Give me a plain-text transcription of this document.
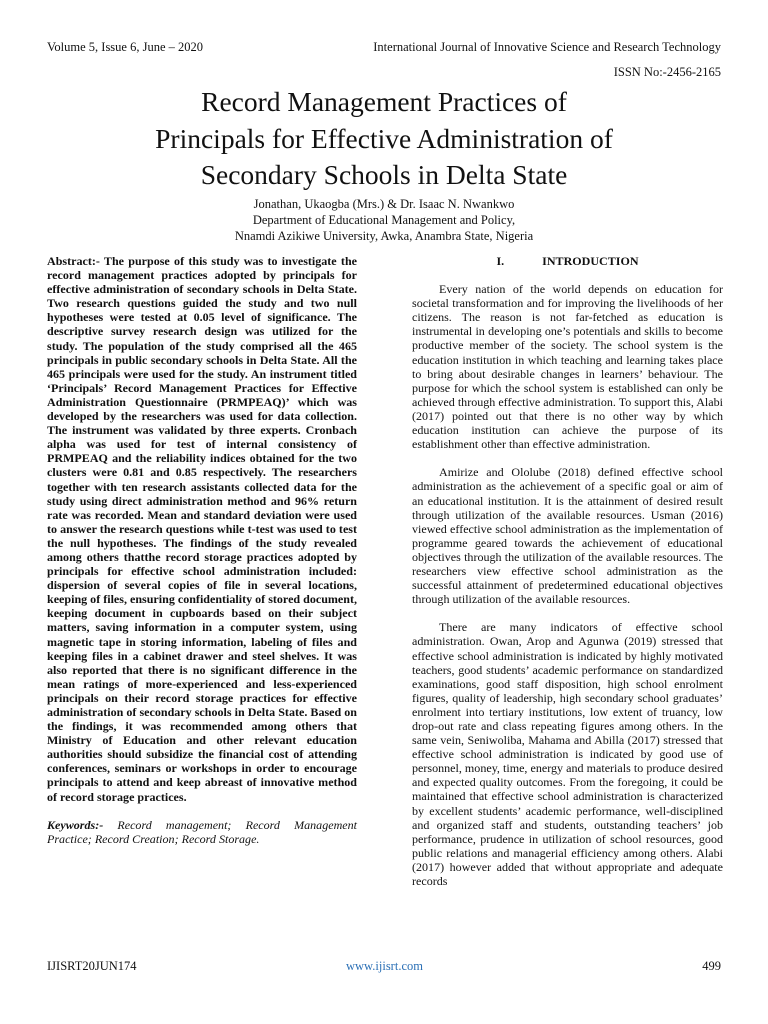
Volume 5, Issue 6, June – 2020	International Journal of Innovative Science and Research Technology
ISSN No:-2456-2165
Record Management Practices of
Principals for Effective Administration of
Secondary Schools in Delta State
Jonathan, Ukaogba (Mrs.) & Dr. Isaac N. Nwankwo
Department of Educational Management and Policy,
Nnamdi Azikiwe University, Awka, Anambra State, Nigeria
Abstract:- The purpose of this study was to investigate the record management practices adopted by principals for effective administration of secondary schools in Delta State. Two research questions guided the study and two null hypotheses were tested at 0.05 level of significance. The descriptive survey research design was utilized for the study. The population of the study comprised all the 465 principals in public secondary schools in Delta State. All the 465 principals were used for the study. An instrument titled ‘Principals’ Record Management Practices for Effective Administration Questionnaire (PRMPEAQ)’ which was developed by the researchers was used for data collection. The instrument was validated by three experts. Cronbach alpha was used for test of internal consistency of PRMPEAQ and the reliability indices obtained for the two clusters were 0.81 and 0.85 respectively. The researchers together with ten research assistants collected data for the study using direct administration method and 96% return rate was recorded. Mean and standard deviation were used to answer the research questions while t-test was used to test the null hypotheses. The findings of the study revealed among others thatthe record storage practices adopted by principals for effective school administration included: dispersion of several copies of file in several locations, keeping of files, ensuring confidentiality of stored document, keeping document in cupboards based on their subject matters, saving information in a computer system, using magnetic tape in storing information, labeling of files and keeping files in a cabinet drawer and steel shelves. It was also reported that there is no significant difference in the mean ratings of more-experienced and less-experienced principals on their record storage practices for effective administration of secondary schools in Delta State. Based on the findings, it was recommended among others that Ministry of Education and other relevant education authorities should subsidize the financial cost of attending conferences, seminars or workshops in order to encourage principals to attend and keep abreast of innovative method of record storage practices.
Keywords:- Record management; Record Management Practice; Record Creation; Record Storage.
I.	INTRODUCTION

Every nation of the world depends on education for societal transformation and for improving the livelihoods of her citizens. The reason is not far-fetched as education is instrumental in developing one’s potentials and skills to become productive member of the society. The school system is the education institution in which teaching and learning takes place to bring about desirable changes in learners’ behaviour. The purpose for which the school system is established can only be achieved through effective administration. To support this, Alabi (2017) pointed out that there is no other way by which education institution can achieve the purpose of its establishment other than effective administration.

Amirize and Ololube (2018) defined effective school administration as the achievement of a specific goal or aim of an educational institution. It is the attainment of desired result through utilization of the available resources. Usman (2016) viewed effective school administration as the implementation of programme geared towards the achievement of educational objectives through the utilization of the available resources. The researchers view effective school administration as the successful attainment of predetermined educational objectives through utilization of the available resources.

There are many indicators of effective school administration. Owan, Arop and Agunwa (2019) stressed that effective school administration is indicated by highly motivated teachers, good students’ academic performance on standardized examinations, good staff disposition, high school enrolment figures, quality of leadership, high secondary school graduates’ enrolment into tertiary institutions, low extent of truancy, low drop-out rate and class repeating figures among others. In the same vein, Seniwoliba, Mahama and Abilla (2017) stressed that effective school administration is indicated by good use of personnel, money, time, energy and materials to produce desired and expected quality outcomes. From the foregoing, it could be maintained that effective school administration is characterized by excellent students’ academic performance, well-disciplined and organized staff and students, outstanding teachers’ job performance, prudence in utilization of school resources, good public relations and managerial efficiency among others. Alabi (2017) however added that without appropriate and adequate records

IJISRT20JUN174	www.ijisrt.com	499
